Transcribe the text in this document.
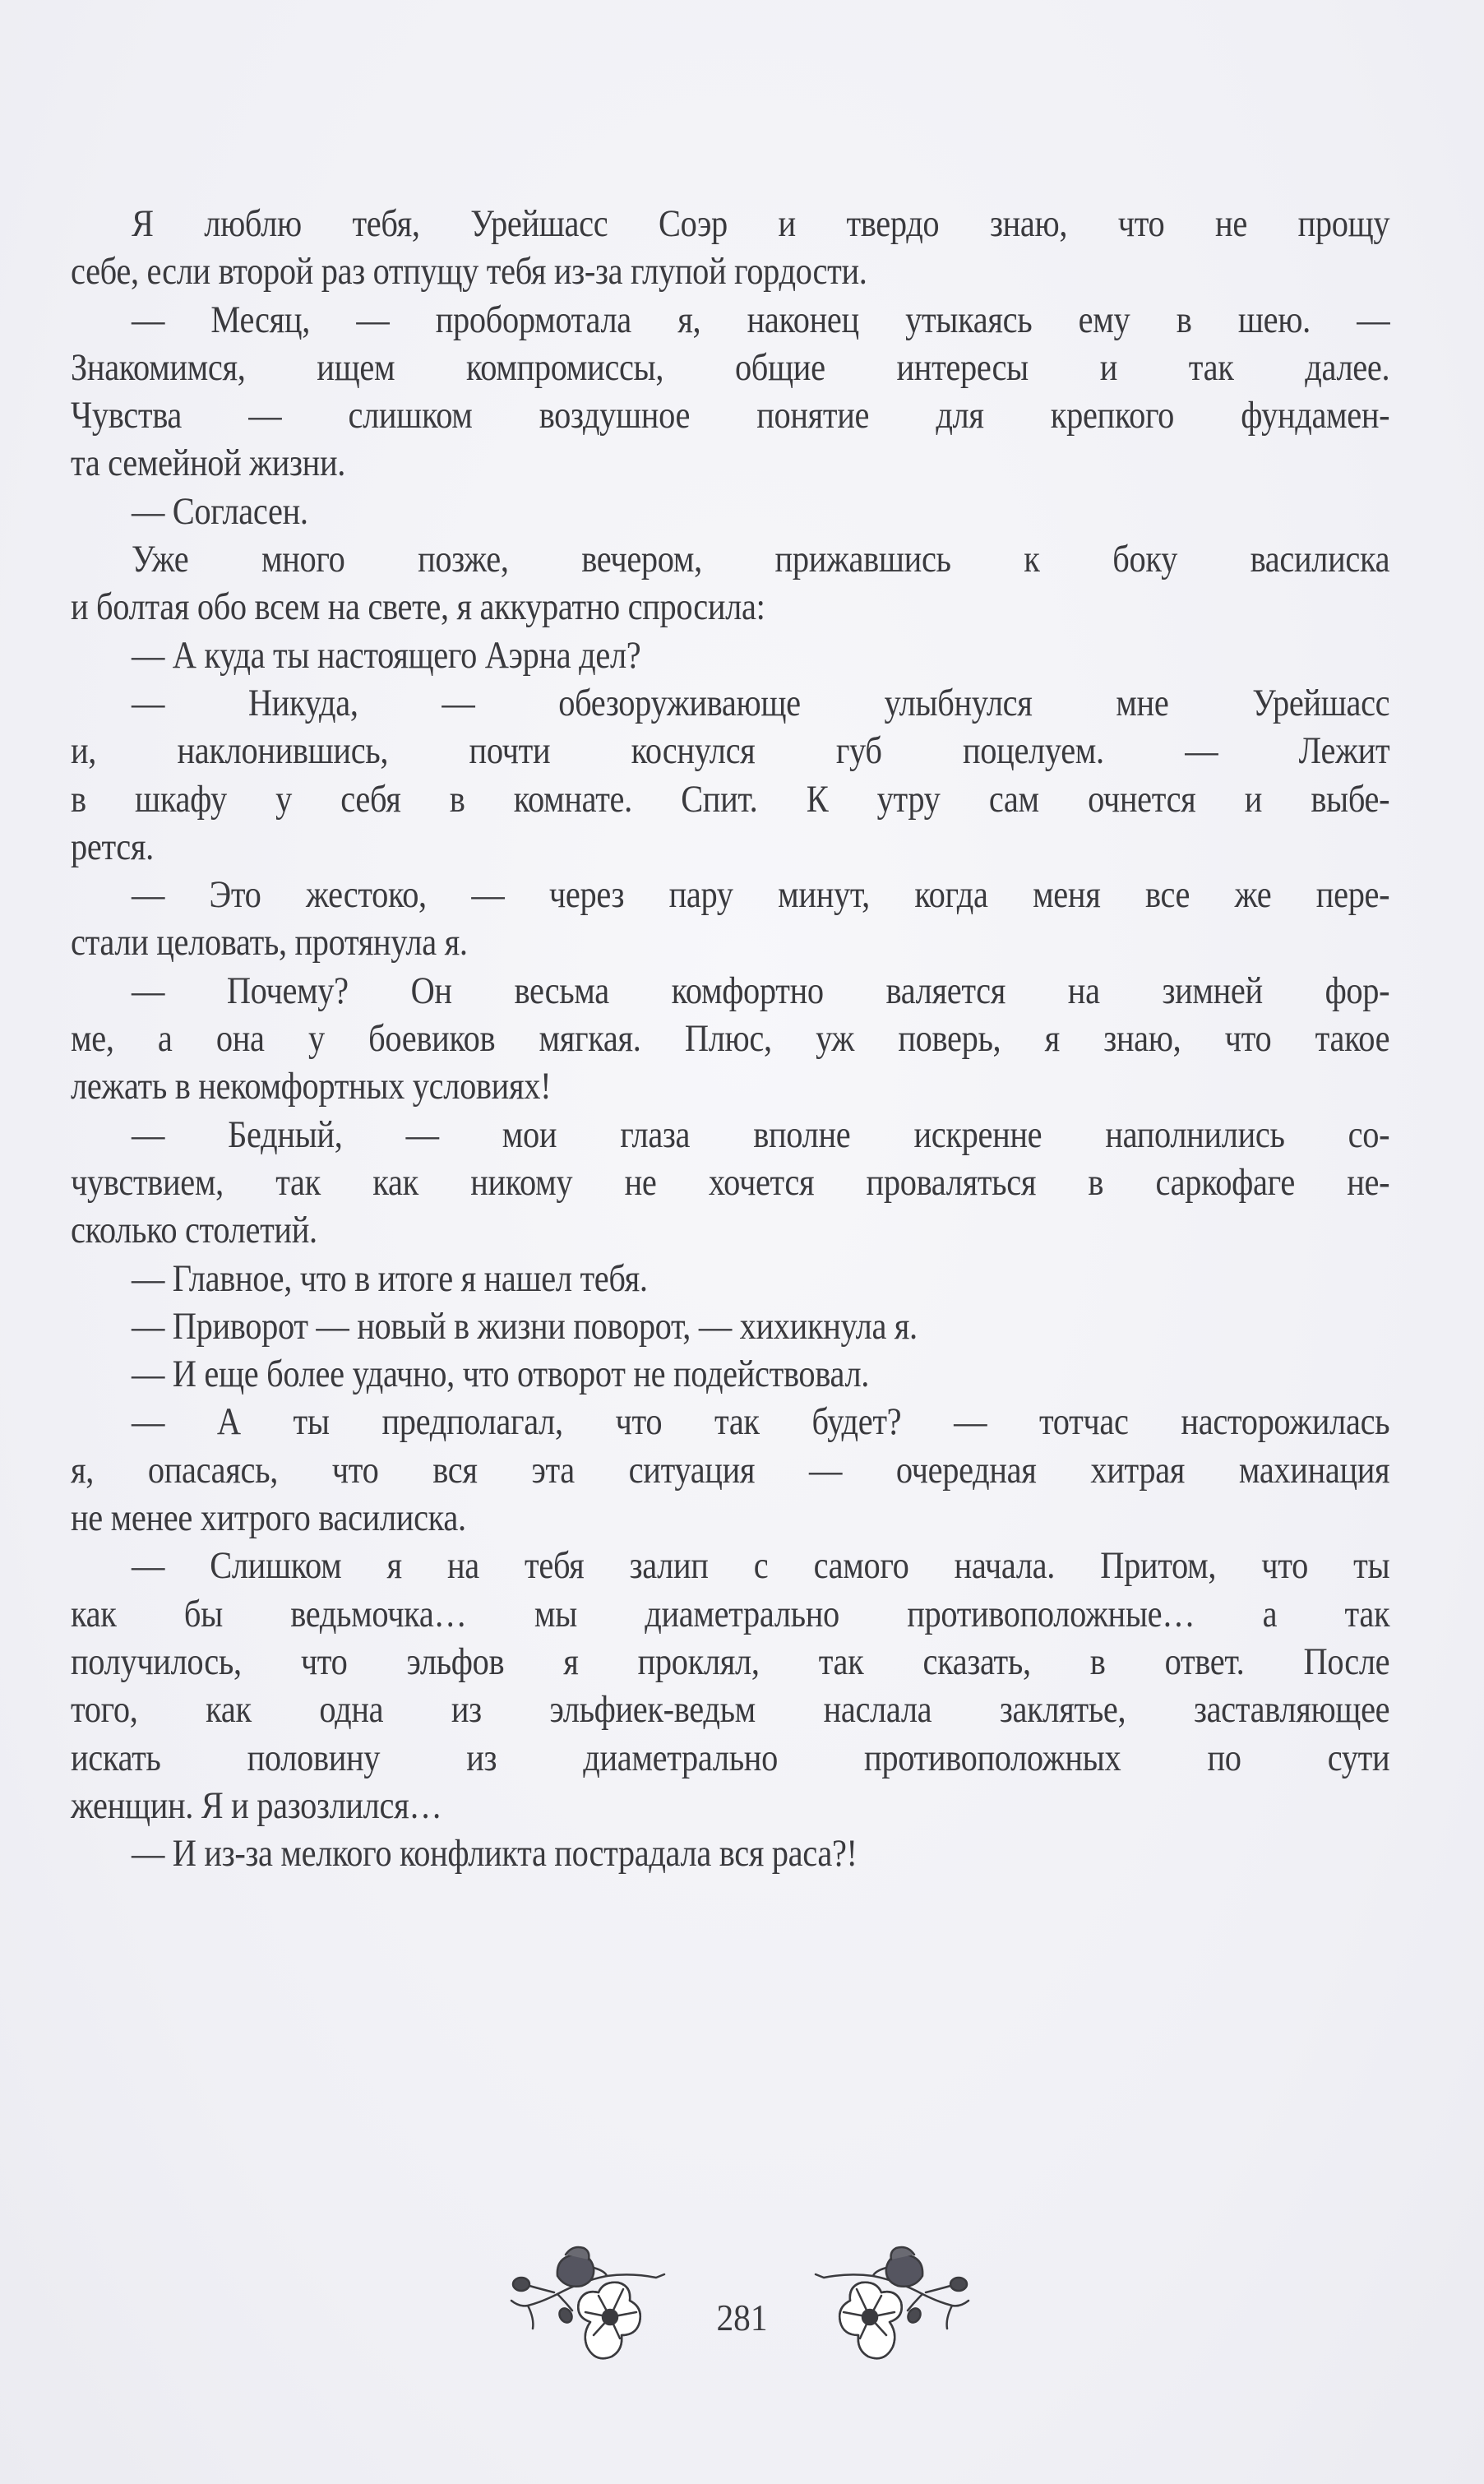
Я люблю тебя, Урейшасс Соэр и твердо знаю, что не прощу
себе, если второй раз отпущу тебя из-за глупой гордости.
— Месяц, — пробормотала я, наконец утыкаясь ему в шею. —
Знакомимся, ищем компромиссы, общие интересы и так далее.
Чувства — слишком воздушное понятие для крепкого фундамен-
та семейной жизни.
— Согласен.
Уже много позже, вечером, прижавшись к боку василиска
и болтая обо всем на свете, я аккуратно спросила:
— А куда ты настоящего Аэрна дел?
— Никуда, — обезоруживающе улыбнулся мне Урейшасс
и, наклонившись, почти коснулся губ поцелуем. — Лежит
в шкафу у себя в комнате. Спит. К утру сам очнется и выбе-
рется.
— Это жестоко, — через пару минут, когда меня все же пере-
стали целовать, протянула я.
— Почему? Он весьма комфортно валяется на зимней фор-
ме, а она у боевиков мягкая. Плюс, уж поверь, я знаю, что такое
лежать в некомфортных условиях!
— Бедный, — мои глаза вполне искренне наполнились со-
чувствием, так как никому не хочется проваляться в саркофаге не-
сколько столетий.
— Главное, что в итоге я нашел тебя.
— Приворот — новый в жизни поворот, — хихикнула я.
— И еще более удачно, что отворот не подействовал.
— А ты предполагал, что так будет? — тотчас насторожилась
я, опасаясь, что вся эта ситуация — очередная хитрая махинация
не менее хитрого василиска.
— Слишком я на тебя залип с самого начала. Притом, что ты
как бы ведьмочка… мы диаметрально противоположные… а так
получилось, что эльфов я проклял, так сказать, в ответ. После
того, как одна из эльфиек-ведьм наслала заклятье, заставляющее
искать половину из диаметрально противоположных по сути
женщин. Я и разозлился…
— И из-за мелкого конфликта пострадала вся раса?!
281
